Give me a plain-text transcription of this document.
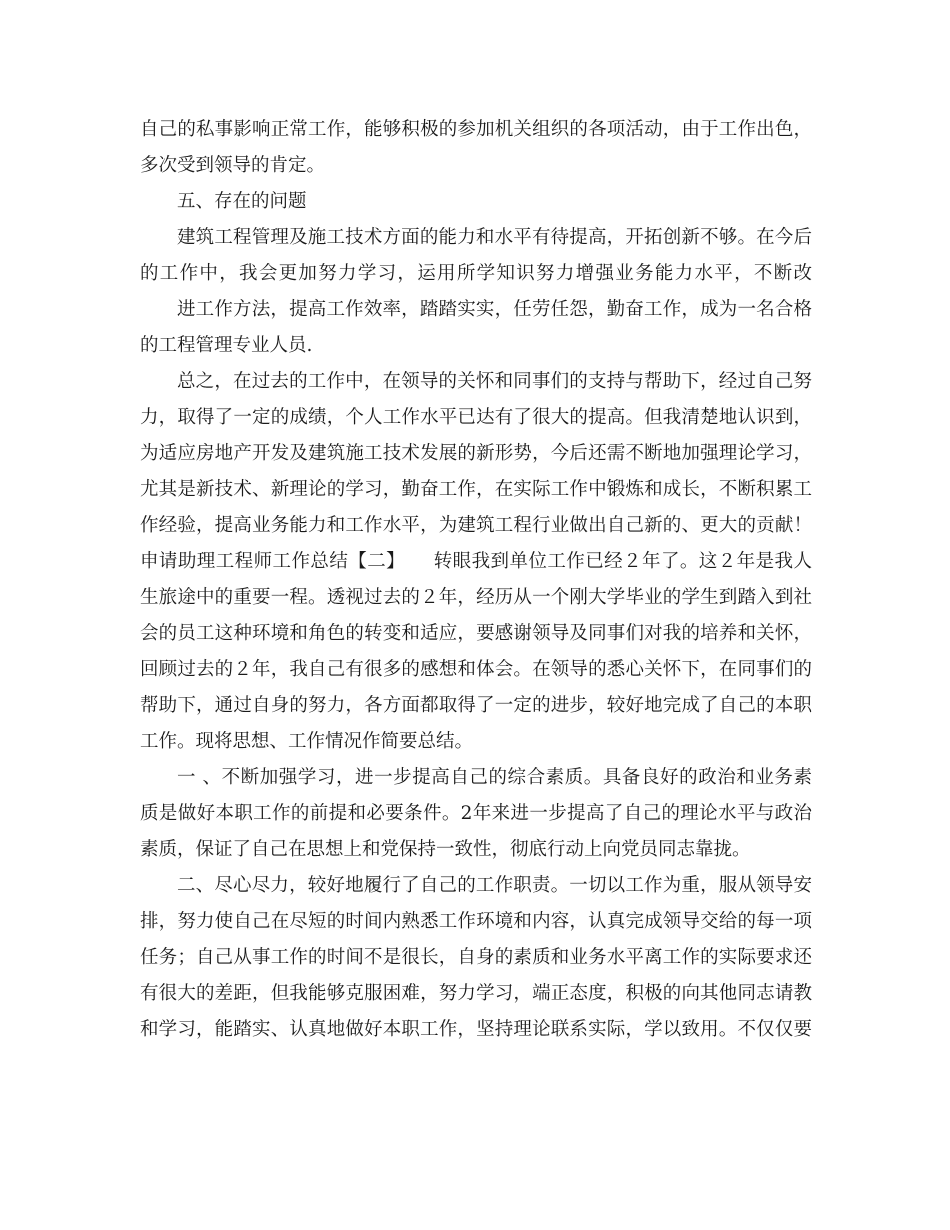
自己的私事影响正常工作，能够积极的参加机关组织的各项活动，由于工作出色，
多次受到领导的肯定。
五、存在的问题
建筑工程管理及施工技术方面的能力和水平有待提高，开拓创新不够。在今后
的工作中，我会更加努力学习，运用所学知识努力增强业务能力水平，不断改
进工作方法，提高工作效率，踏踏实实，任劳任怨，勤奋工作，成为一名合格
的工程管理专业人员.
总之，在过去的工作中，在领导的关怀和同事们的支持与帮助下，经过自己努
力，取得了一定的成绩，个人工作水平已达有了很大的提高。但我清楚地认识到，
为适应房地产开发及建筑施工技术发展的新形势，今后还需不断地加强理论学习，
尤其是新技术、新理论的学习，勤奋工作，在实际工作中锻炼和成长，不断积累工
作经验，提高业务能力和工作水平，为建筑工程行业做出自己新的、更大的贡献！
申请助理工程师工作总结【二】　　转眼我到单位工作已经２年了。这２年是我人
生旅途中的重要一程。透视过去的２年，经历从一个刚大学毕业的学生到踏入到社
会的员工这种环境和角色的转变和适应，要感谢领导及同事们对我的培养和关怀，
回顾过去的２年，我自己有很多的感想和体会。在领导的悉心关怀下，在同事们的
帮助下，通过自身的努力，各方面都取得了一定的进步，较好地完成了自己的本职
工作。现将思想、工作情况作简要总结。
一 、不断加强学习，进一步提高自己的综合素质。具备良好的政治和业务素
质是做好本职工作的前提和必要条件。2年来进一步提高了自己的理论水平与政治
素质，保证了自己在思想上和党保持一致性，彻底行动上向党员同志靠拢。
二、尽心尽力，较好地履行了自己的工作职责。一切以工作为重，服从领导安
排，努力使自己在尽短的时间内熟悉工作环境和内容，认真完成领导交给的每一项
任务；自己从事工作的时间不是很长，自身的素质和业务水平离工作的实际要求还
有很大的差距，但我能够克服困难，努力学习，端正态度，积极的向其他同志请教
和学习，能踏实、认真地做好本职工作，坚持理论联系实际，学以致用。不仅仅要
